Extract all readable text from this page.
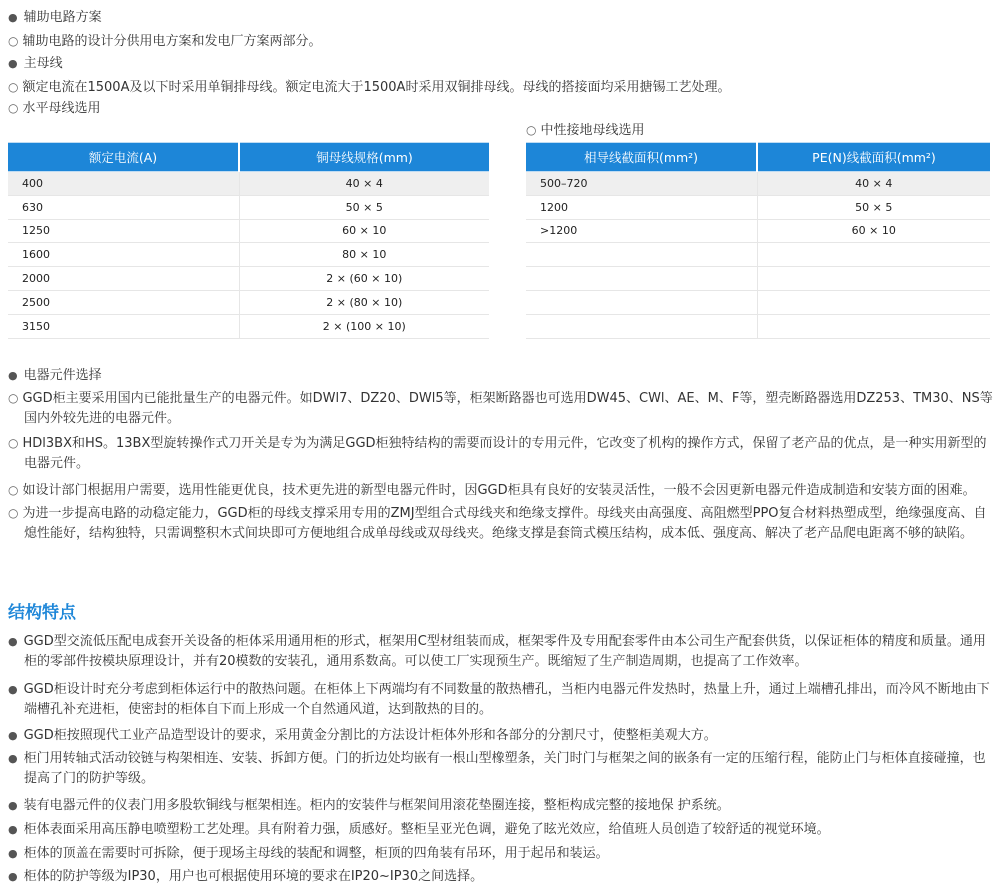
● 辅助电路方案
○ 辅助电路的设计分供用电方案和发电厂方案两部分。
● 主母线
○ 额定电流在1500A及以下时采用单铜排母线。额定电流大于1500A时采用双铜排母线。母线的搭接面均采用搪锡工艺处理。
○ 水平母线选用
○ 中性接地母线选用
额定电流(A)	铜母线规格(mm)
400	40 × 4
630	50 × 5
1250	60 × 10
1600	80 × 10
2000	2 × (60 × 10)
2500	2 × (80 × 10)
3150	2 × (100 × 10)
相导线截面积(mm²)	PE(N)线截面积(mm²)
500–720	40 × 4
1200	50 × 5
>1200	60 × 10

● 电器元件选择
○ GGD柜主要采用国内已能批量生产的电器元件。如DWl7、DZ20、DWl5等，柜架断路器也可选用DW45、CWl、AE、M、F等，塑壳断路器选用DZ253、TM30、NS等国内外较先进的电器元件。
○ HDl3BX和HS。13BX型旋转操作式刀开关是专为为满足GGD柜独特结构的需要而设计的专用元件，它改变了机构的操作方式，保留了老产品的优点，是一种实用新型的电器元件。
○ 如设计部门根据用户需要，选用性能更优良，技术更先进的新型电器元件时，因GGD柜具有良好的安装灵活性，一般不会因更新电器元件造成制造和安装方面的困难。
○ 为进一步提高电路的动稳定能力，GGD柜的母线支撑采用专用的ZMJ型组合式母线夹和绝缘支撑件。母线夹由高强度、高阻燃型PPO复合材料热塑成型，绝缘强度高、自熄性能好，结构独特，只需调整积木式间块即可方便地组合成单母线或双母线夹。绝缘支撑是套筒式模压结构，成本低、强度高、解决了老产品爬电距离不够的缺陷。
结构特点
● GGD型交流低压配电成套开关设备的柜体采用通用柜的形式，框架用C型材组装而成，框架零件及专用配套零件由本公司生产配套供货，以保证柜体的精度和质量。通用柜的零部件按模块原理设计，并有20模数的安装孔，通用系数高。可以使工厂实现预生产。既缩短了生产制造周期，也提高了工作效率。
● GGD柜设计时充分考虑到柜体运行中的散热问题。在柜体上下两端均有不同数量的散热槽孔，当柜内电器元件发热时，热量上升，通过上端槽孔排出，而冷风不断地由下端槽孔补充进柜，使密封的柜体自下而上形成一个自然通风道，达到散热的目的。
● GGD柜按照现代工业产品造型设计的要求，采用黄金分割比的方法设计柜体外形和各部分的分割尺寸，使整柜美观大方。
● 柜门用转轴式活动铰链与构架相连、安装、拆卸方便。门的折边处均嵌有一根山型橡塑条，关门时门与框架之间的嵌条有一定的压缩行程，能防止门与柜体直接碰撞，也提高了门的防护等级。
● 装有电器元件的仪表门用多股软铜线与框架相连。柜内的安装件与框架间用滚花垫圈连接，整柜构成完整的接地保 护系统。
● 柜体表面采用高压静电喷塑粉工艺处理。具有附着力强，质感好。整柜呈亚光色调，避免了眩光效应，给值班人员创造了较舒适的视觉环境。
● 柜体的顶盖在需要时可拆除，便于现场主母线的装配和调整，柜顶的四角装有吊环，用于起吊和装运。
● 柜体的防护等级为IP30，用户也可根据使用环境的要求在IP20~IP30之间选择。
